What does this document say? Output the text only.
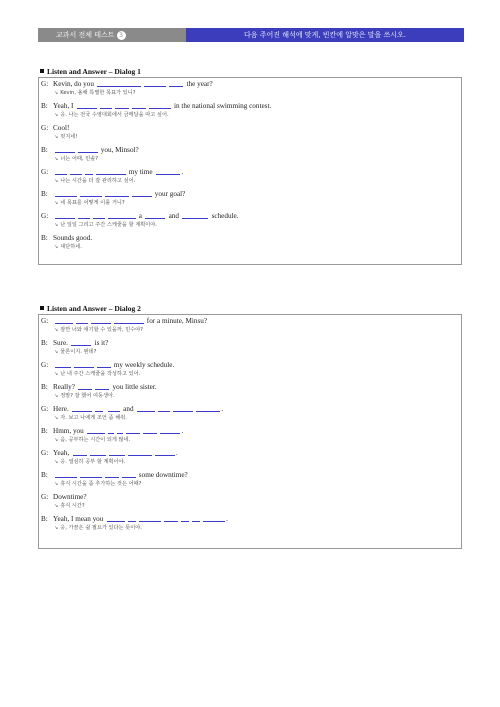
교과서 전체 테스트 3	다음 주어진 해석에 맞게, 빈칸에 알맞은 말을 쓰시오.
Listen and Answer – Dialog 1
G: Kevin, do you	the year?
↘ Kevin, 올해 특별한 목표가 있니?
B: Yeah, I	in the national swimming contest.
↘ 응. 나는 전국 수영대회에서 금메달을 따고 싶어.
G: Cool!
↘ 멋지네!
B:	you, Minsol?
↘ 너는 어때, 민솔?
G:	my time	.
↘ 나는 시간을 더 잘 관리하고 싶어.
B:	your goal?
↘ 네 목표를 어떻게 이룰 거니?
G:	a	and	schedule.
↘ 난 일일 그리고 주간 스케줄을 할 계획이야.
B: Sounds good.
↘ 대단하네.
Listen and Answer – Dialog 2
G:	for a minute, Minsu?
↘ 잠깐 너와 얘기할 수 있을까, 민수야?
B: Sure.	is it?
↘ 물론이지. 뭔데?
G:	my weekly schedule.
↘ 난 내 주간 스케줄을 작성하고 있어.
B: Really?	you little sister.
↘ 정말? 잘 했어 여동생아.
G: Here.	and	.
↘ 자. 보고 나에게 조언 좀 해줘.
B: Hmm, you	.
↘ 음, 공부하는 시간이 되게 많네.
G: Yeah,	.
↘ 응. 열심히 공부 할 계획이야.
B:	some downtime?
↘ 휴식 시간을 좀 추가하는 것은 어때?
G: Downtime?
↘ 휴식 시간?
B: Yeah, I mean you	.
↘ 응, 가끔은 쉴 필요가 있다는 뜻이야.
